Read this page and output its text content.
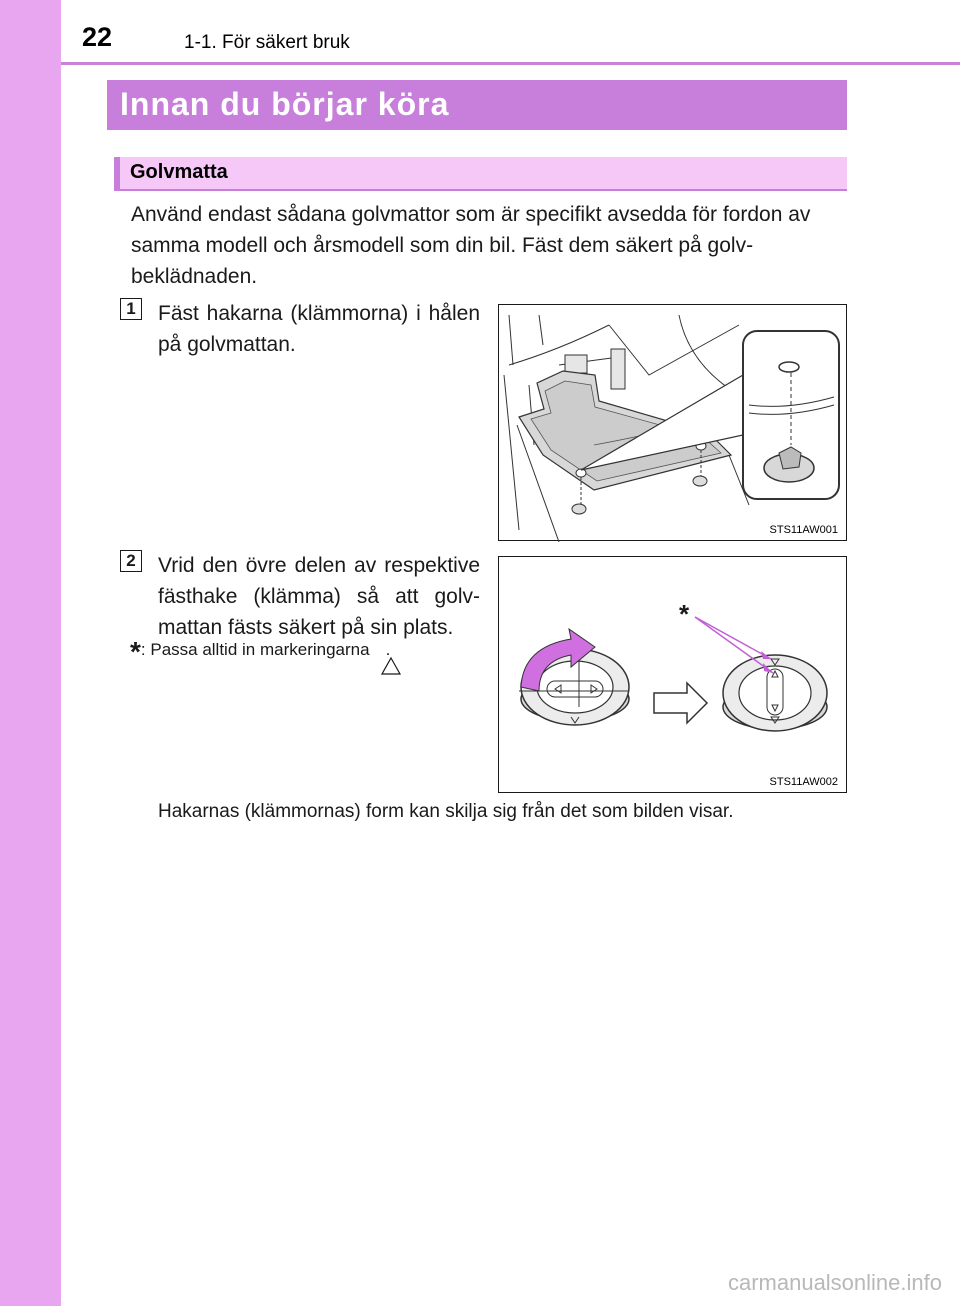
22	1-1. För säkert bruk
Innan du börjar köra
Golvmatta
Använd endast sådana golvmattor som är specifikt avsedda för fordon av samma modell och årsmodell som din bil. Fäst dem säkert på golvbeklädnaden.
1 Fäst hakarna (klämmorna) i hålen på golvmattan.
STS11AW001
2 Vrid den övre delen av respektive fästhake (klämma) så att golvmattan fästs säkert på sin plats.
*: Passa alltid in markeringarna .
*
STS11AW002
Hakarnas (klämmornas) form kan skilja sig från det som bilden visar.
carmanualsonline.info
